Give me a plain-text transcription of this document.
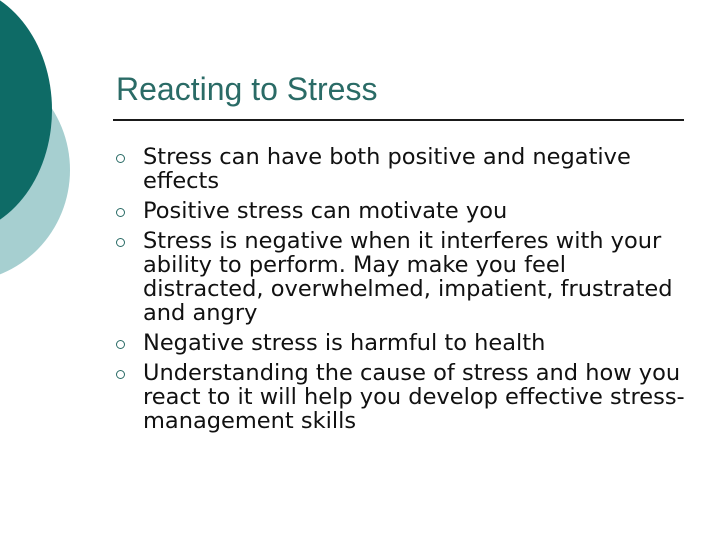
Reacting to Stress
Stress can have both positive and negative effects
Positive stress can motivate you
Stress is negative when it interferes with your ability to perform. May make you feel distracted, overwhelmed, impatient, frustrated and angry
Negative stress is harmful to health
Understanding the cause of stress and how you react to it will help you develop effective stress-management skills
